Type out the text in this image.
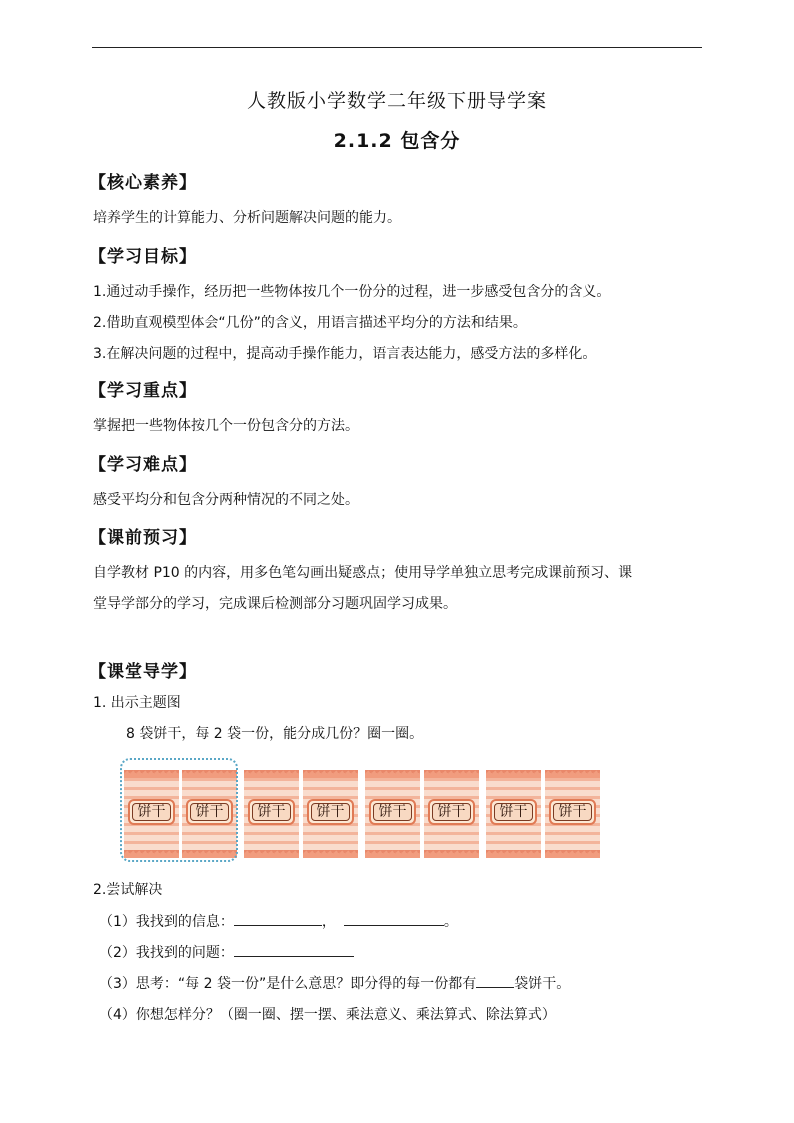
人教版小学数学二年级下册导学案
2.1.2 包含分
【核心素养】
培养学生的计算能力、分析问题解决问题的能力。
【学习目标】
1.通过动手操作，经历把一些物体按几个一份分的过程，进一步感受包含分的含义。
2.借助直观模型体会“几份”的含义，用语言描述平均分的方法和结果。
3.在解决问题的过程中，提高动手操作能力，语言表达能力，感受方法的多样化。
【学习重点】
掌握把一些物体按几个一份包含分的方法。
【学习难点】
感受平均分和包含分两种情况的不同之处。
【课前预习】
自学教材 P10 的内容，用多色笔勾画出疑惑点；使用导学单独立思考完成课前预习、课
堂导学部分的学习，完成课后检测部分习题巩固学习成果。
【课堂导学】
1. 出示主题图
8 袋饼干，每 2 袋一份，能分成几份？圈一圈。
饼干	饼干	饼干	饼干	饼干	饼干	饼干	饼干
2.尝试解决
（1）我找到的信息：	，	。
（2）我找到的问题：
（3）思考：“每 2 袋一份”是什么意思？即分得的每一份都有	袋饼干。
（4）你想怎样分？（圈一圈、摆一摆、乘法意义、乘法算式、除法算式）
